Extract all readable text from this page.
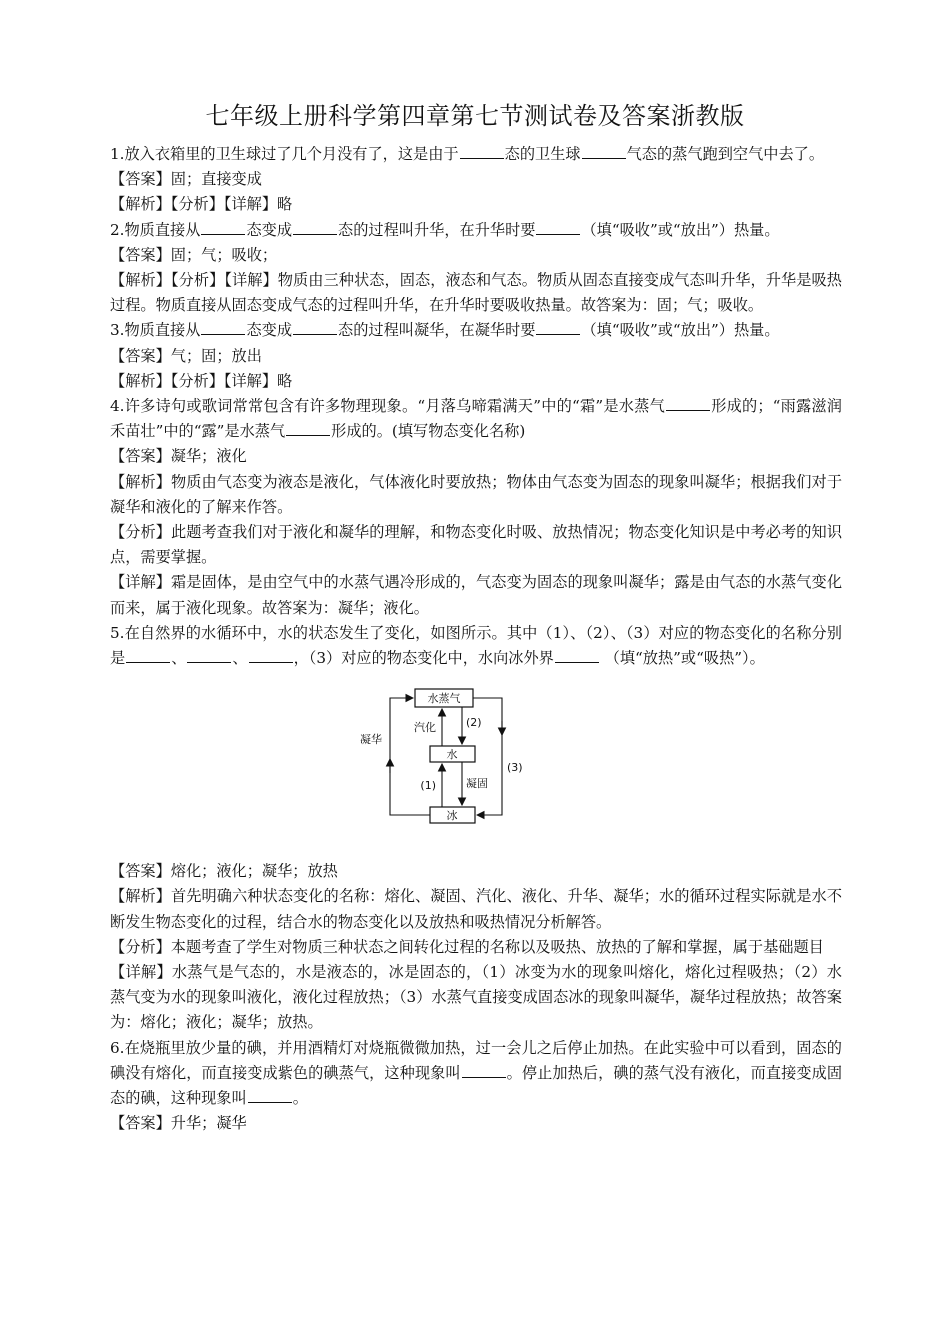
七年级上册科学第四章第七节测试卷及答案浙教版

1.放入衣箱里的卫生球过了几个月没有了，这是由于	态的卫生球	气态的蒸气跑到空气中去了。

【答案】固；直接变成

【解析】【分析】【详解】略

2.物质直接从	态变成	态的过程叫升华，在升华时要	（填“吸收”或“放出”）热量。

【答案】固；气；吸收；

【解析】【分析】【详解】物质由三种状态，固态，液态和气态。物质从固态直接变成气态叫升华，升华是吸热过程。物质直接从固态变成气态的过程叫升华，在升华时要吸收热量。故答案为：固；气；吸收。

3.物质直接从	态变成	态的过程叫凝华，在凝华时要	（填“吸收”或“放出”）热量。

【答案】气；固；放出

【解析】【分析】【详解】略

4.许多诗句或歌词常常包含有许多物理现象。“月落乌啼霜满天”中的“霜”是水蒸气	形成的；“雨露滋润禾苗壮”中的“露”是水蒸气	形成的。(填写物态变化名称)

【答案】凝华；液化

【解析】物质由气态变为液态是液化，气体液化时要放热；物体由气态变为固态的现象叫凝华；根据我们对于凝华和液化的了解来作答。

【分析】此题考查我们对于液化和凝华的理解，和物态变化时吸、放热情况；物态变化知识是中考必考的知识点，需要掌握。

【详解】霜是固体，是由空气中的水蒸气遇冷形成的，气态变为固态的现象叫凝华；露是由气态的水蒸气变化而来，属于液化现象。故答案为：凝华；液化。

5.在自然界的水循环中，水的状态发生了变化，如图所示。其中（1）、（2）、（3）对应的物态变化的名称分别是	、	、	，（3）对应的物态变化中，水向冰外界	（填“放热”或“吸热”）。

水蒸气
水
冰
汽化	(2)
(1)	凝固
凝华
(3)

【答案】熔化；液化；凝华；放热

【解析】首先明确六种状态变化的名称：熔化、凝固、汽化、液化、升华、凝华；水的循环过程实际就是水不断发生物态变化的过程，结合水的物态变化以及放热和吸热情况分析解答。

【分析】本题考查了学生对物质三种状态之间转化过程的名称以及吸热、放热的了解和掌握，属于基础题目

【详解】水蒸气是气态的，水是液态的，冰是固态的，（1）冰变为水的现象叫熔化，熔化过程吸热；（2）水蒸气变为水的现象叫液化，液化过程放热；（3）水蒸气直接变成固态冰的现象叫凝华，凝华过程放热；故答案为：熔化；液化；凝华；放热。

6.在烧瓶里放少量的碘，并用酒精灯对烧瓶微微加热，过一会儿之后停止加热。在此实验中可以看到，固态的碘没有熔化，而直接变成紫色的碘蒸气，这种现象叫	。停止加热后，碘的蒸气没有液化，而直接变成固态的碘，这种现象叫	。

【答案】升华；凝华
